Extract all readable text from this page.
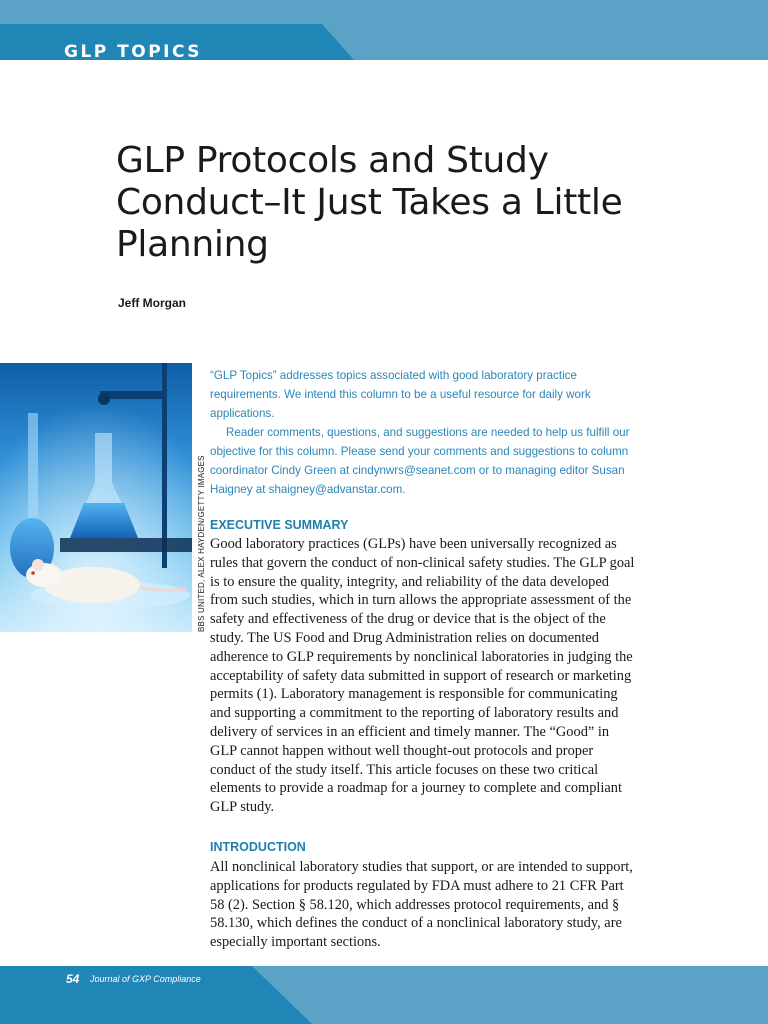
GLP TOPICS
GLP Protocols and Study Conduct–It Just Takes a Little Planning
Jeff Morgan
BBS UNITED, ALEX HAYDEN/GETTY IMAGES

“GLP Topics” addresses topics associated with good laboratory practice requirements. We intend this column to be a useful resource for daily work applications.

Reader comments, questions, and suggestions are needed to help us fulfill our objective for this column. Please send your comments and suggestions to column coordinator Cindy Green at cindynwrs@seanet.com or to managing editor Susan Haigney at shaigney@advanstar.com.

EXECUTIVE SUMMARY

Good laboratory practices (GLPs) have been universally recognized as rules that govern the conduct of non-clinical safety studies. The GLP goal is to ensure the quality, integrity, and reliability of the data developed from such studies, which in turn allows the appropriate assessment of the safety and effectiveness of the drug or device that is the object of the study. The US Food and Drug Administration relies on documented adherence to GLP requirements by nonclinical laboratories in judging the acceptability of safety data submitted in support of research or marketing permits (1). Laboratory management is responsible for communicating and supporting a commitment to the reporting of laboratory results and delivery of services in an efficient and timely manner. The “Good” in GLP cannot happen without well thought-out protocols and proper conduct of the study itself. This article focuses on these two critical elements to provide a roadmap for a journey to complete and compliant GLP study.

INTRODUCTION

All nonclinical laboratory studies that support, or are intended to support, applications for products regulated by FDA must adhere to 21 CFR Part 58 (2). Section § 58.120, which addresses protocol requirements, and § 58.130, which defines the conduct of a nonclinical laboratory study, are especially important sections.

54 Journal of GXP Compliance
